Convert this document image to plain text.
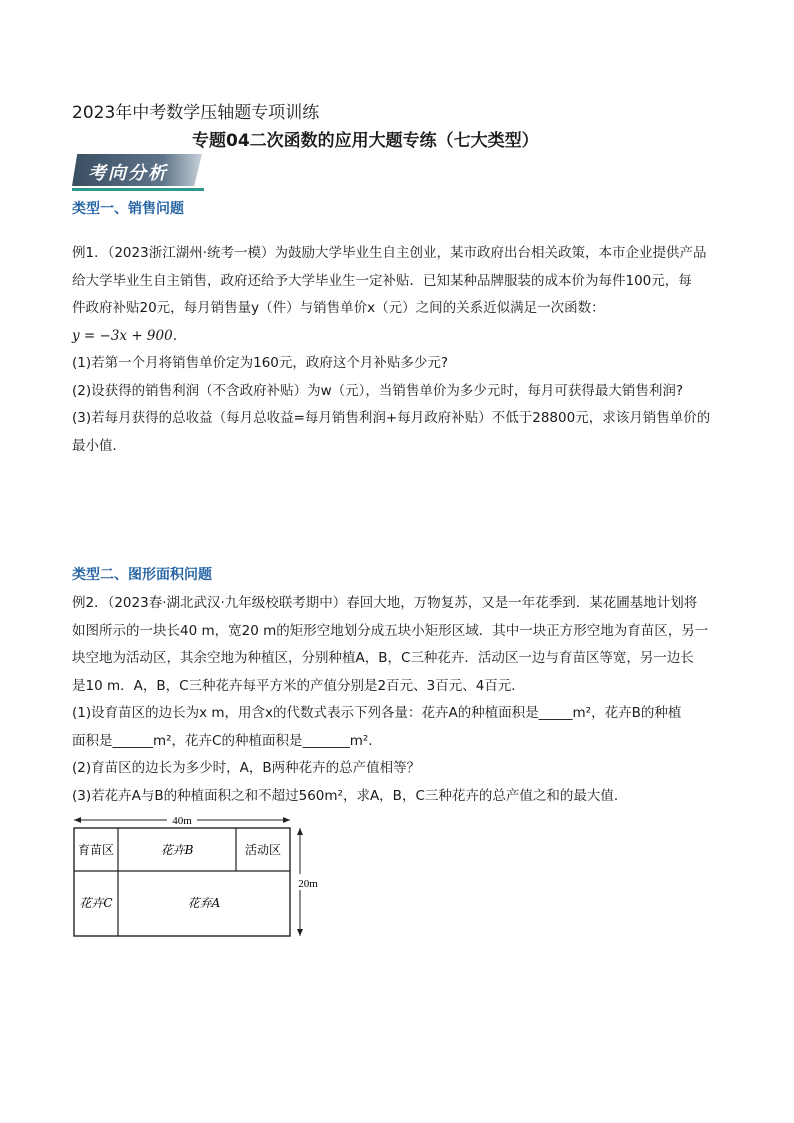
2023年中考数学压轴题专项训练
专题04二次函数的应用大题专练（七大类型）
考向分析
类型一、销售问题

例1．（2023浙江湖州·统考一模）为鼓励大学毕业生自主创业，某市政府出台相关政策，本市企业提供产品

给大学毕业生自主销售，政府还给予大学毕业生一定补贴．已知某种品牌服装的成本价为每件100元，每

件政府补贴20元，每月销售量y（件）与销售单价x（元）之间的关系近似满足一次函数：

y = −3x + 900.

(1)若第一个月将销售单价定为160元，政府这个月补贴多少元?

(2)设获得的销售利润（不含政府补贴）为w（元），当销售单价为多少元时，每月可获得最大销售利润?

(3)若每月获得的总收益（每月总收益=每月销售利润+每月政府补贴）不低于28800元，求该月销售单价的

最小值．

类型二、图形面积问题

例2．（2023春·湖北武汉·九年级校联考期中）春回大地，万物复苏，又是一年花季到．某花圃基地计划将

如图所示的一块长40 m，宽20 m的矩形空地划分成五块小矩形区域．其中一块正方形空地为育苗区，另一

块空地为活动区，其余空地为种植区，分别种植A，B，C三种花卉．活动区一边与育苗区等宽，另一边长

是10 m．A，B，C三种花卉每平方米的产值分别是2百元、3百元、4百元．

(1)设育苗区的边长为x m，用含x的代数式表示下列各量：花卉A的种植面积是_____m²，花卉B的种植

面积是______m²，花卉C的种植面积是_______m².

(2)育苗区的边长为多少时，A，B两种花卉的总产值相等？

(3)若花卉A与B的种植面积之和不超过560m²，求A，B，C三种花卉的总产值之和的最大值．

40m
育苗区	花卉B	活动区
花卉C	花弃A
20m
